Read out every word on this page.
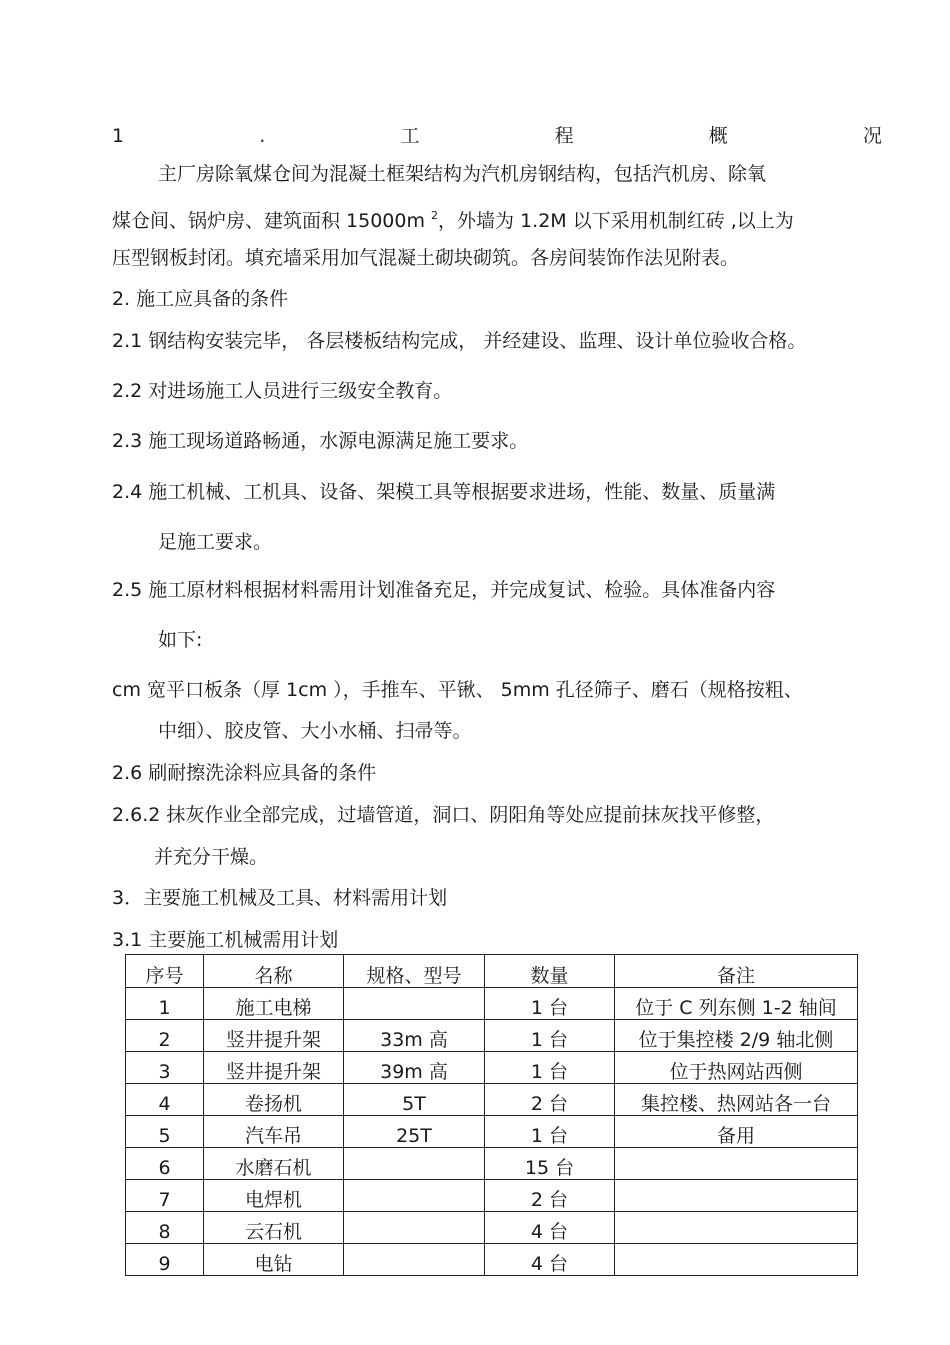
1	.	工	程	概	况
主厂房除氧煤仓间为混凝土框架结构为汽机房钢结构，包括汽机房、除氧
煤仓间、锅炉房、建筑面积 15000m $^2$，外墙为 1.2M 以下采用机制红砖 ,以上为
压型钢板封闭。填充墙采用加气混凝土砌块砌筑。各房间装饰作法见附表。
2. 施工应具备的条件
2.1 钢结构安装完毕， 各层楼板结构完成， 并经建设、监理、设计单位验收合格。
2.2 对进场施工人员进行三级安全教育。
2.3 施工现场道路畅通，水源电源满足施工要求。
2.4 施工机械、工机具、设备、架模工具等根据要求进场，性能、数量、质量满
足施工要求。
2.5 施工原材料根据材料需用计划准备充足，并完成复试、检验。具体准备内容
如下:
cm 宽平口板条（厚 1cm ），手推车、平锹、 5mm 孔径筛子、磨石（规格按粗、
中细）、胶皮管、大小水桶、扫帚等。
2.6 刷耐擦洗涂料应具备的条件
2.6.2 抹灰作业全部完成，过墙管道，洞口、阴阳角等处应提前抹灰找平修整，
并充分干燥。
3．主要施工机械及工具、材料需用计划
3.1 主要施工机械需用计划
序号	名称	规格、型号	数量	备注
1	施工电梯		1 台	位于 C 列东侧 1-2 轴间
2	竖井提升架	33m 高	1 台	位于集控楼 2/9 轴北侧
3	竖井提升架	39m 高	1 台	位于热网站西侧
4	卷扬机	5T	2 台	集控楼、热网站各一台
5	汽车吊	25T	1 台	备用
6	水磨石机		15 台	
7	电焊机		2 台	
8	云石机		4 台	
9	电钻		4 台	
